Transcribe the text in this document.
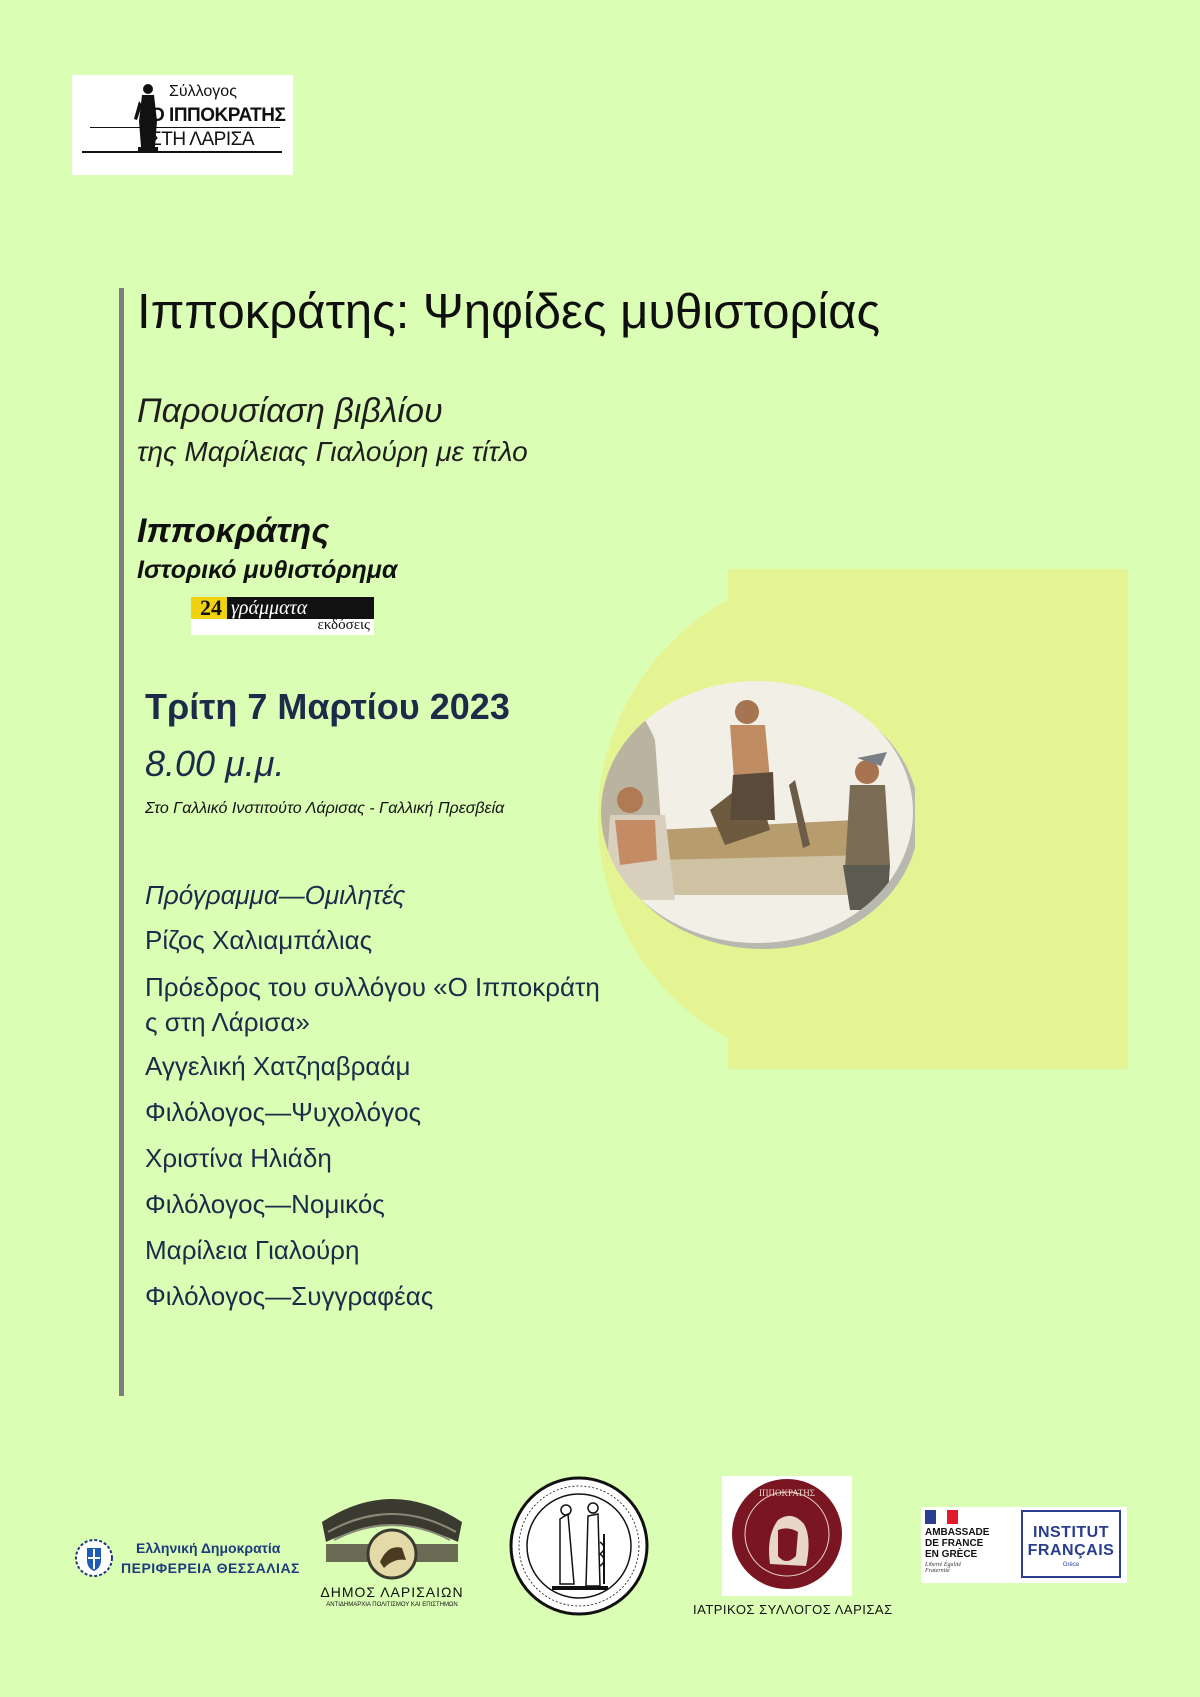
Σύλλογος
Ο ΙΠΠΟΚΡΑΤΗΣ
ΣΤΗ ΛΑΡΙΣΑ
Ιπποκράτης: Ψηφίδες μυθιστορίας
Παρουσίαση βιβλίου
της Μαρίλειας Γιαλούρη με τίτλο
Ιπποκράτης
Ιστορικό μυθιστόρημα
24 γράμματα
εκδόσεις
Τρίτη 7 Μαρτίου 2023
8.00 μ.μ.
Στο Γαλλικό Ινστιτούτο Λάρισας - Γαλλική Πρεσβεία
Πρόγραμμα—Ομιλητές
Ρίζος Χαλιαμπάλιας
Πρόεδρος του συλλόγου «Ο Ιπποκράτη
ς στη Λάρισα»
Αγγελική Χατζηαβραάμ
Φιλόλογος—Ψυχολόγος
Χριστίνα Ηλιάδη
Φιλόλογος—Νομικός
Μαρίλεια Γιαλούρη
Φιλόλογος—Συγγραφέας
Ελληνική Δημοκρατία
ΠΕΡΙΦΕΡΕΙΑ ΘΕΣΣΑΛΙΑΣ
ΔΗΜΟΣ ΛΑΡΙΣΑΙΩΝ
ΑΝΤΙΔΗΜΑΡΧΙΑ ΠΟΛΙΤΙΣΜΟΥ ΚΑΙ ΕΠΙΣΤΗΜΩΝ
ΙΠΠΟΚΡΑΤΗΣ
ΙΑΤΡΙΚΟΣ ΣΥΛΛΟΓΟΣ ΛΑΡΙΣΑΣ
AMBASSADE
DE FRANCE
EN GRÈCE
Liberté Égalité Fraternité
INSTITUT
FRANÇAIS
Grèce
